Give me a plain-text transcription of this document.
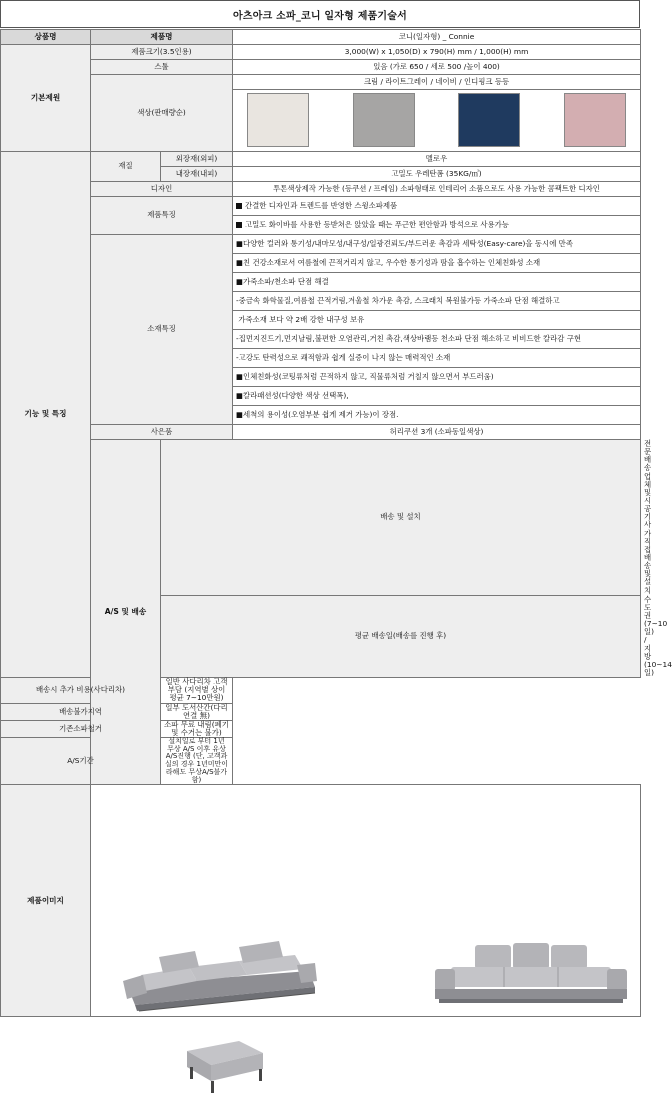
아츠아크 소파_코니 일자형 제품기술서
상품명	제품명		코니(일자형) _ Connie	
기본제원	제품크기(3.5인용)		3,000(W) x 1,050(D) x 790(H) mm / 1,000(H) mm	
	스툴		있음 (가로 650 / 세로 500 /높이 400)	
	색상(판매량순)		크림 / 라이트그레이 / 네이비 / 인디핑크 등등	

기능 및 특징	재질	외장재(외피)	멜로우	
		내장재(내피)	고밀도 우레탄폼 (35KG/㎥)	
	디자인		투톤색상제작 가능한 (등쿠션 / 프레임) 소파형태로 인테리어 소품으로도 사용 가능한 콤팩트한 디자인	
	제품특징		간결한 디자인과 트렌드를 반영한 스윙소파제품	
			고밀도 화이바를 사용한 등받쳐은 앉았을 때는 푸근한 편안함과 방석으로 사용가능	
	소재특징		■다양한 컬러와 통기성/내마모성/내구성/일광견뢰도/부드러운 촉감과 세탁성(Easy-care)을 동시에 만족	
			■친 건강소재로서 여름철에 끈적거리지 않고, 우수한 통기성과 땀을 흡수하는 인체친화성 소재	
			■가죽소파/천소파 단점 해결	
			-중금속 화학물질,여름철 끈적거림,겨울철 차가운 촉감, 스크래치 복원불가등 가죽소파 단점 해결하고	
			가죽소재 보다 약 2배 강한 내구성 보유	
			-집먼지진드기,먼지날림,불편한 오염관리,거친 촉감,색상바램등 천소파 단점 해소하고 비비드한 칼라감 구현	
			-고강도 탄력성으로 쾌적함과 쉽게 실증이 나지 않는 매력적인 소재	
			■인체친화성(코팅류처럼 끈적하지 않고, 직물류처럼 거칠지 않으면서 부드러움)	
			■칼라패션성(다양한 색상 선택폭),	
			■세척의 용이성(오염부분 쉽게 제거 가능)이 장점.	
	사은품		허리쿠션 3개 (소파동일색상)	
	A/S 및 배송	배송 및 설치		전문배송업체 및 시공기사가 직접 배송 및 설치
		평균 배송일(배송를 진행 후)		수도권(7~10일) / 지방(10~14일)
배송시 추가 비용(사다리차)		일반 사다리차 고객부담 (지역별 상이 평균 7~10만원)		
배송불가지역		일부 도서산간(다리연결 無)		
기존소파철거		소파 무료 내림(폐기 및 수거는 불가)		
A/S기간		설치일로 부터 1년 무상 A/S 이후 유상 A/S진행 (단, 고객과실의 경우 1년미만이라해도 무상A/S불가함)		
제품이미지	
